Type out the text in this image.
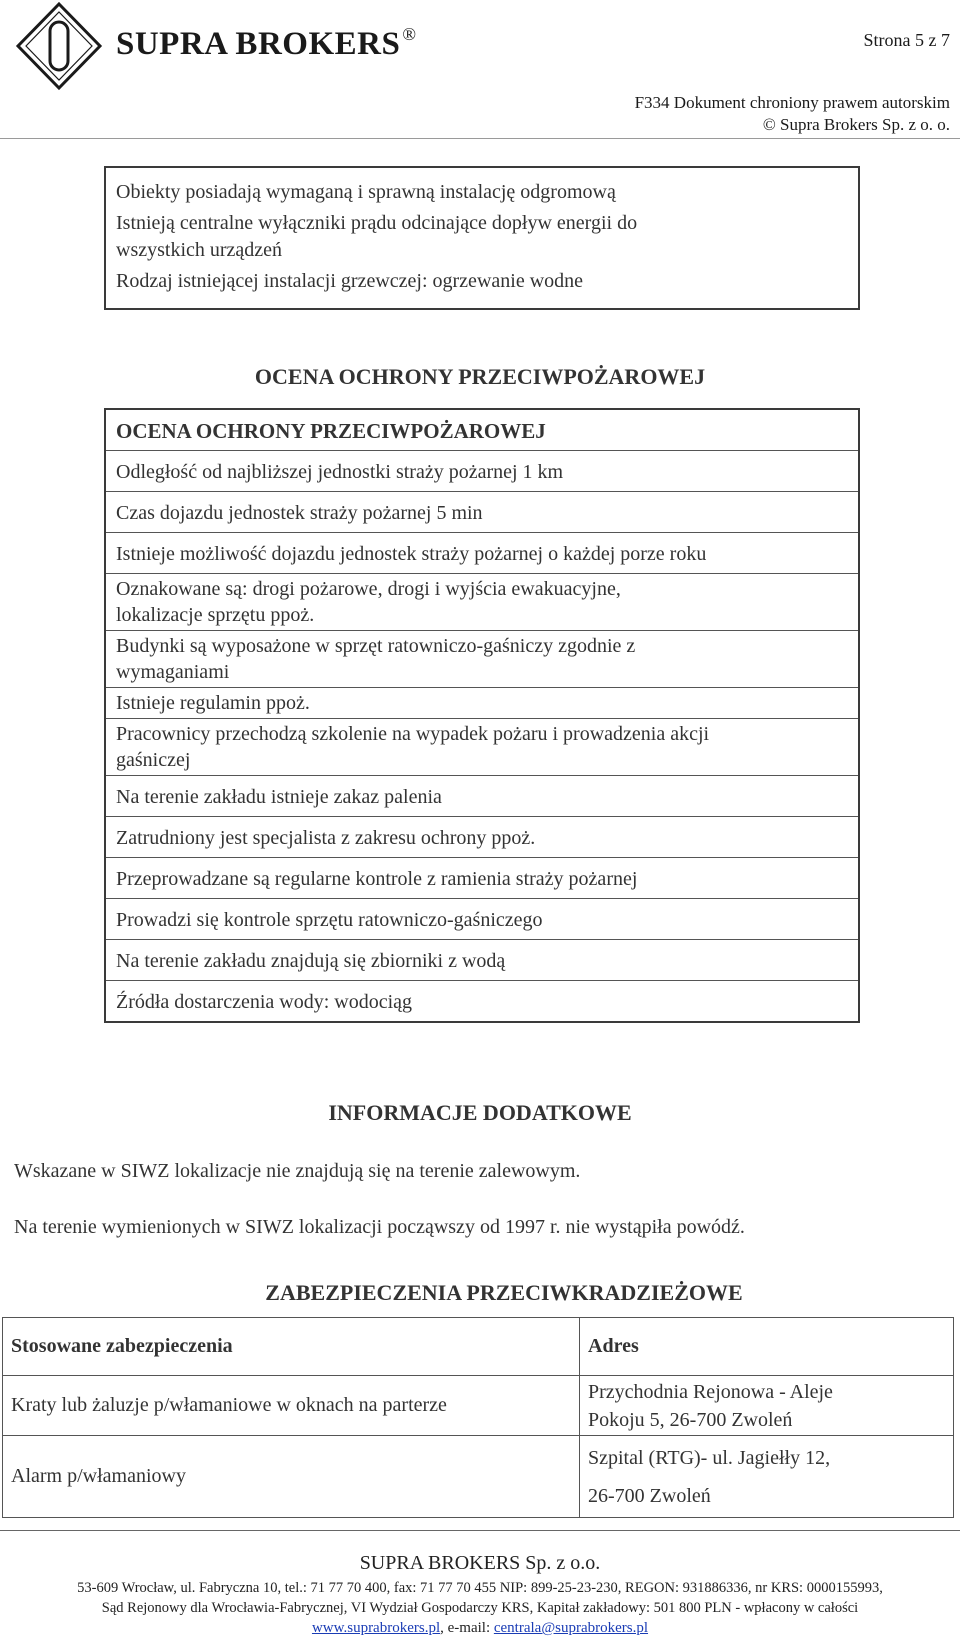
SUPRA BROKERS ®	Strona 5 z 7
F334 Dokument chroniony prawem autorskim
© Supra Brokers Sp. z o. o.
Obiekty posiadają wymaganą i sprawną instalację odgromową
Istnieją centralne wyłączniki prądu odcinające dopływ energii do
wszystkich urządzeń
Rodzaj istniejącej instalacji grzewczej: ogrzewanie wodne
OCENA OCHRONY PRZECIWPOŻAROWEJ
OCENA OCHRONY PRZECIWPOŻAROWEJ
Odległość od najbliższej jednostki straży pożarnej 1 km
Czas dojazdu jednostek straży pożarnej 5 min
Istnieje możliwość dojazdu jednostek straży pożarnej o każdej porze roku
Oznakowane są: drogi pożarowe, drogi i wyjścia ewakuacyjne,
lokalizacje sprzętu ppoż.
Budynki są wyposażone w sprzęt ratowniczo-gaśniczy zgodnie z
wymaganiami
Istnieje regulamin ppoż.
Pracownicy przechodzą szkolenie na wypadek pożaru i prowadzenia akcji
gaśniczej
Na terenie zakładu istnieje zakaz palenia
Zatrudniony jest specjalista z zakresu ochrony ppoż.
Przeprowadzane są regularne kontrole z ramienia straży pożarnej
Prowadzi się kontrole sprzętu ratowniczo-gaśniczego
Na terenie zakładu znajdują się zbiorniki z wodą
Źródła dostarczenia wody: wodociąg
INFORMACJE DODATKOWE
Wskazane w SIWZ lokalizacje nie znajdują się na terenie zalewowym.
Na terenie wymienionych w SIWZ lokalizacji począwszy od 1997 r. nie wystąpiła powódź.
ZABEZPIECZENIA PRZECIWKRADZIEŻOWE
Stosowane zabezpieczenia	Adres
Kraty lub żaluzje p/włamaniowe w oknach na parterze	Przychodnia Rejonowa - Aleje
Pokoju 5, 26-700 Zwoleń

Alarm p/włamaniowy	Szpital (RTG)- ul. Jagiełły 12,
26-700 Zwoleń
SUPRA BROKERS Sp. z o.o.
53-609 Wrocław, ul. Fabryczna 10, tel.: 71 77 70 400, fax: 71 77 70 455 NIP: 899-25-23-230, REGON: 931886336, nr KRS: 0000155993,
Sąd Rejonowy dla Wrocławia-Fabrycznej, VI Wydział Gospodarczy KRS, Kapitał zakładowy: 501 800 PLN - wpłacony w całości
www.suprabrokers.pl, e-mail: centrala@suprabrokers.pl
